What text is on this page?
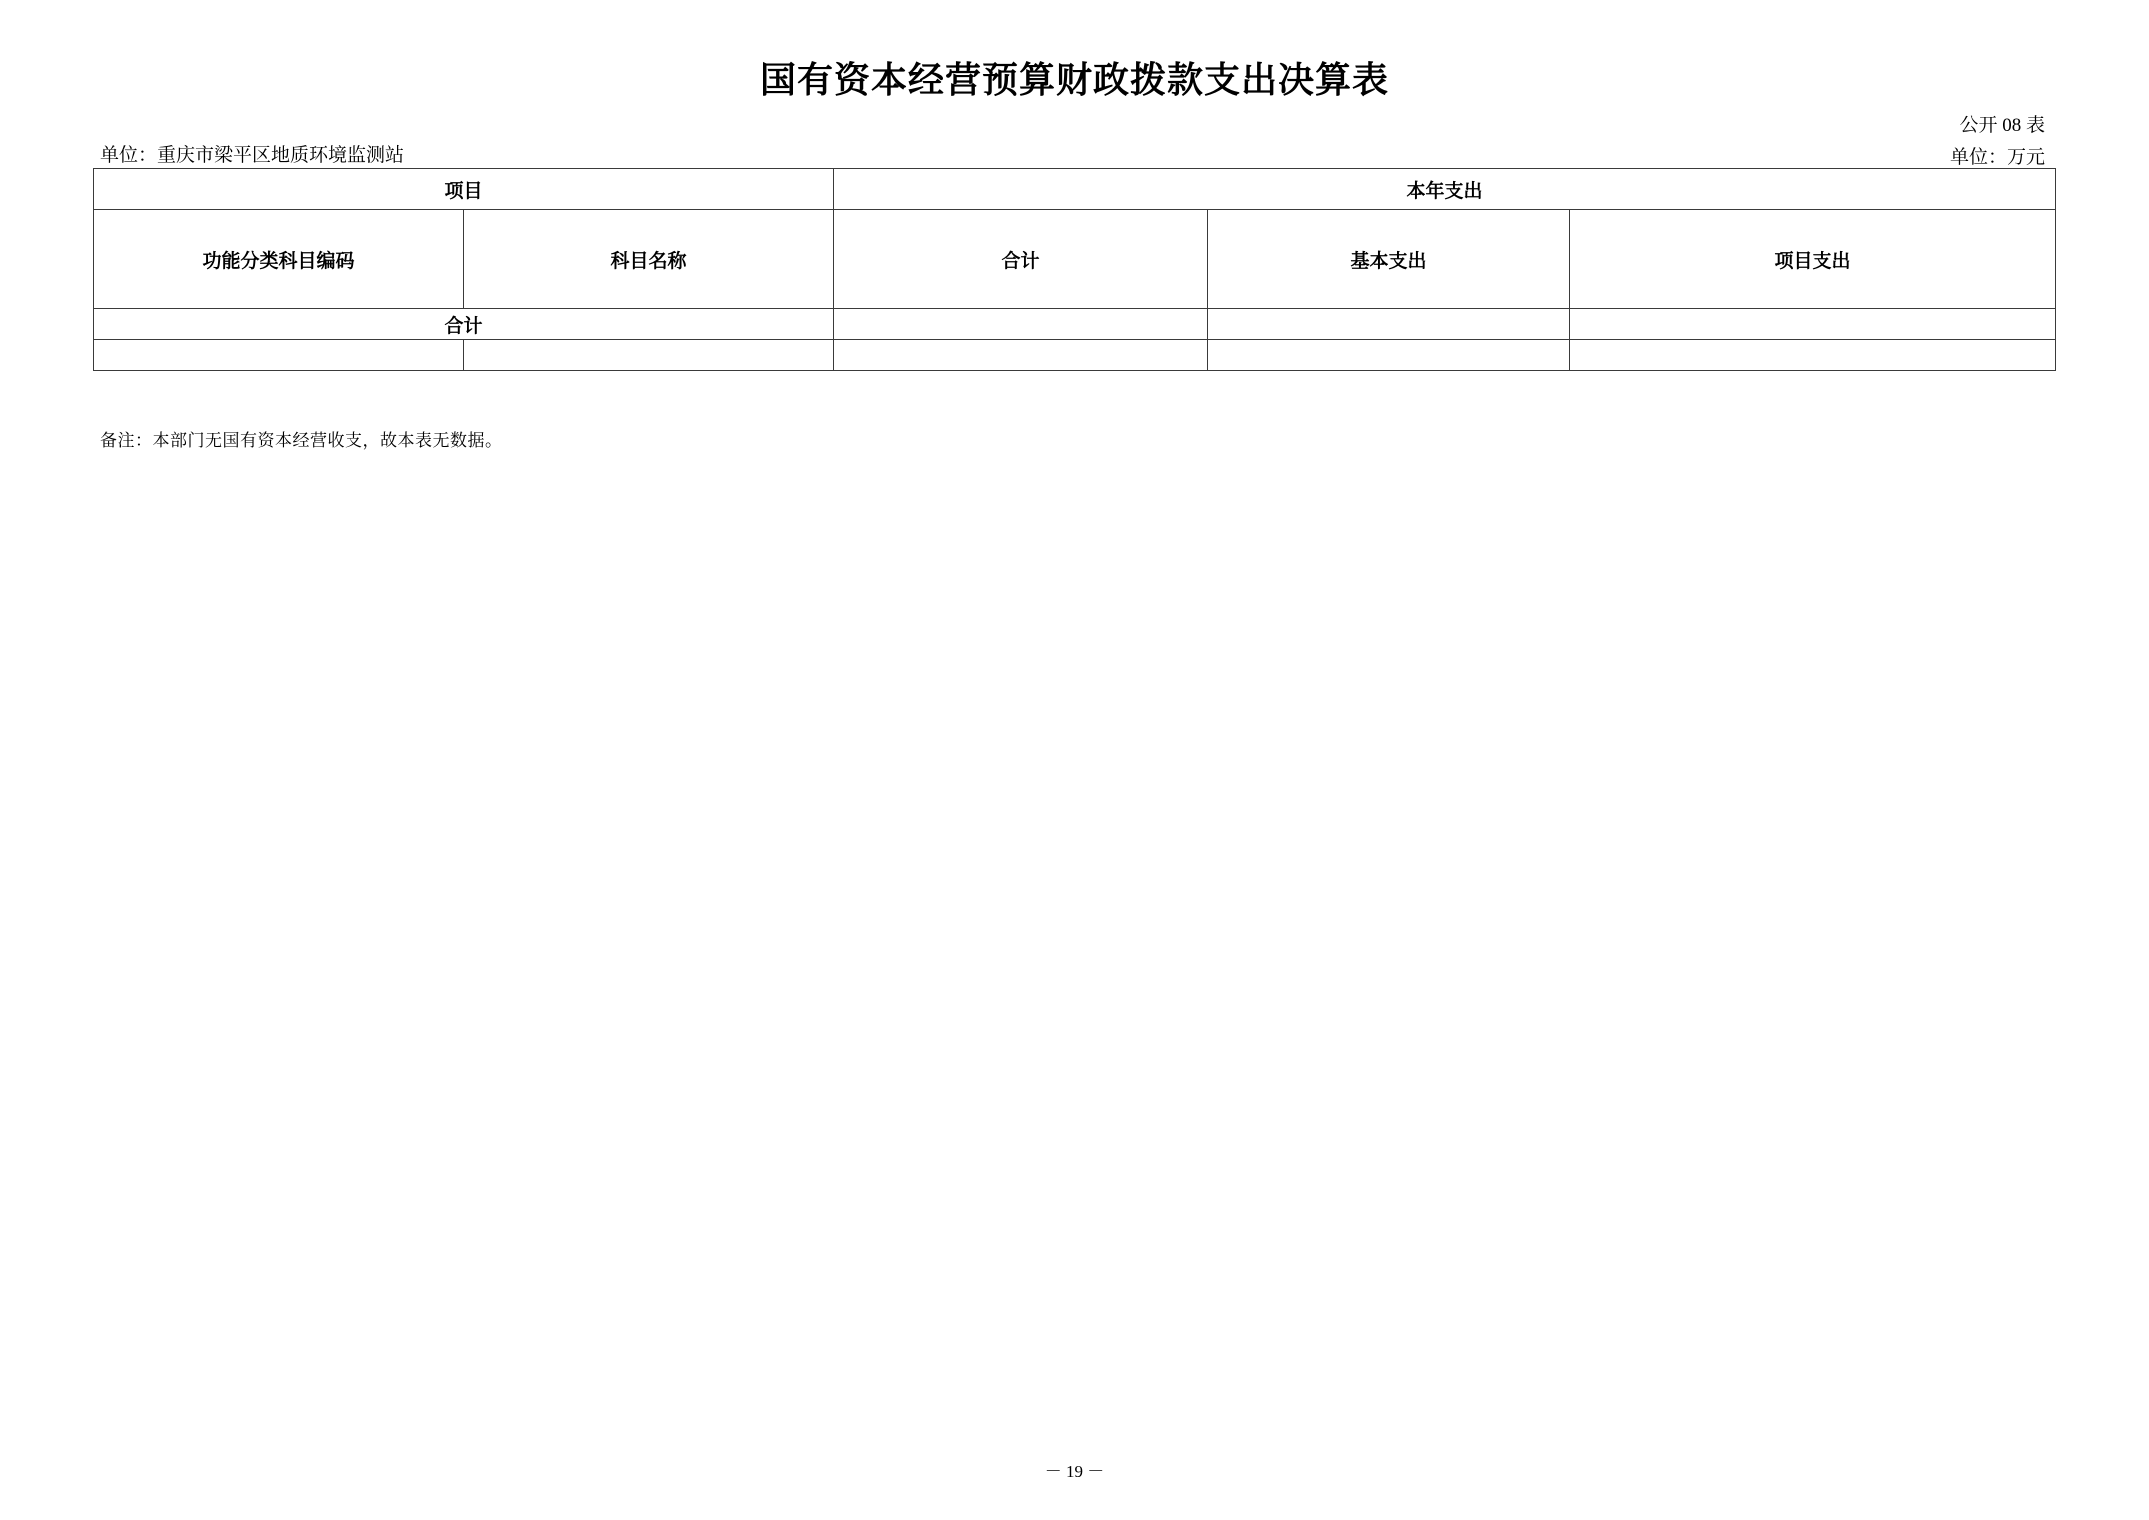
国有资本经营预算财政拨款支出决算表
公开 08 表
单位：重庆市梁平区地质环境监测站	单位：万元
项目		本年支出		
功能分类科目编码	科目名称	合计	基本支出	项目支出
合计				

备注：本部门无国有资本经营收支，故本表无数据。
－ 19 －
